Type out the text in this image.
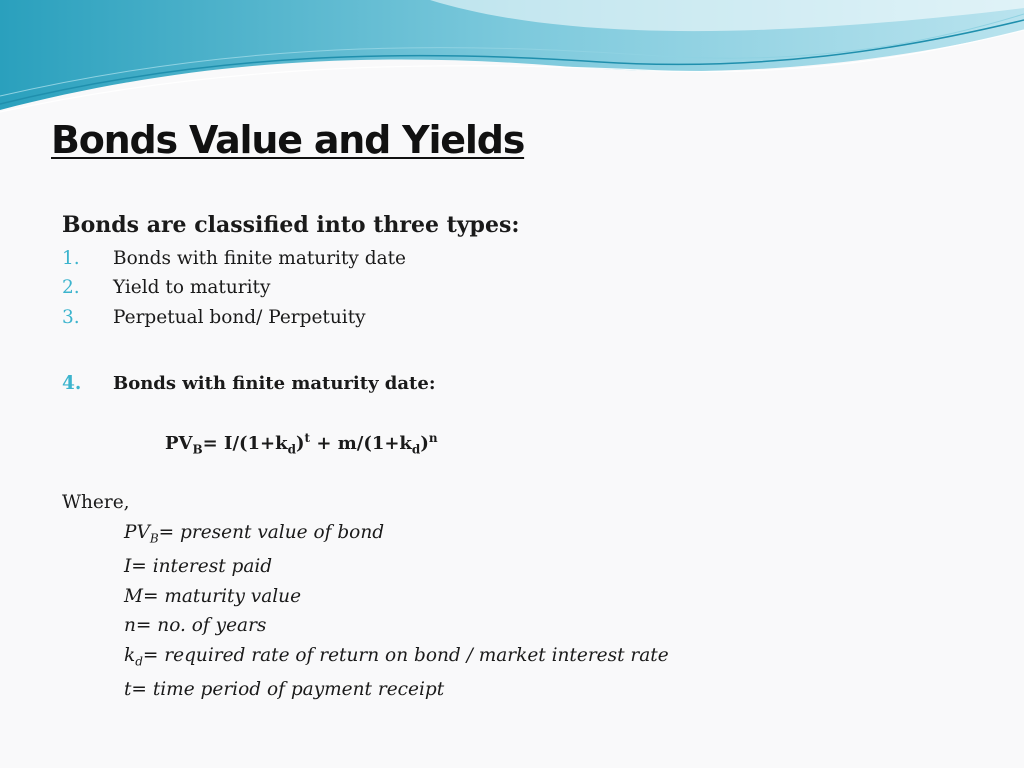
Bonds Value and Yields
Bonds are classified into three types:
1. Bonds with finite maturity date
2. Yield to maturity
3. Perpetual bond/ Perpetuity
4. Bonds with finite maturity date:
$PV_B= I/(1+k_d)^t + m/(1+k_d)^n$
Where,
$PV_B=$ present value of bond
I= interest paid
M= maturity value
n= no. of years
$k_d=$ required rate of return on bond / market interest rate
t= time period of payment receipt
